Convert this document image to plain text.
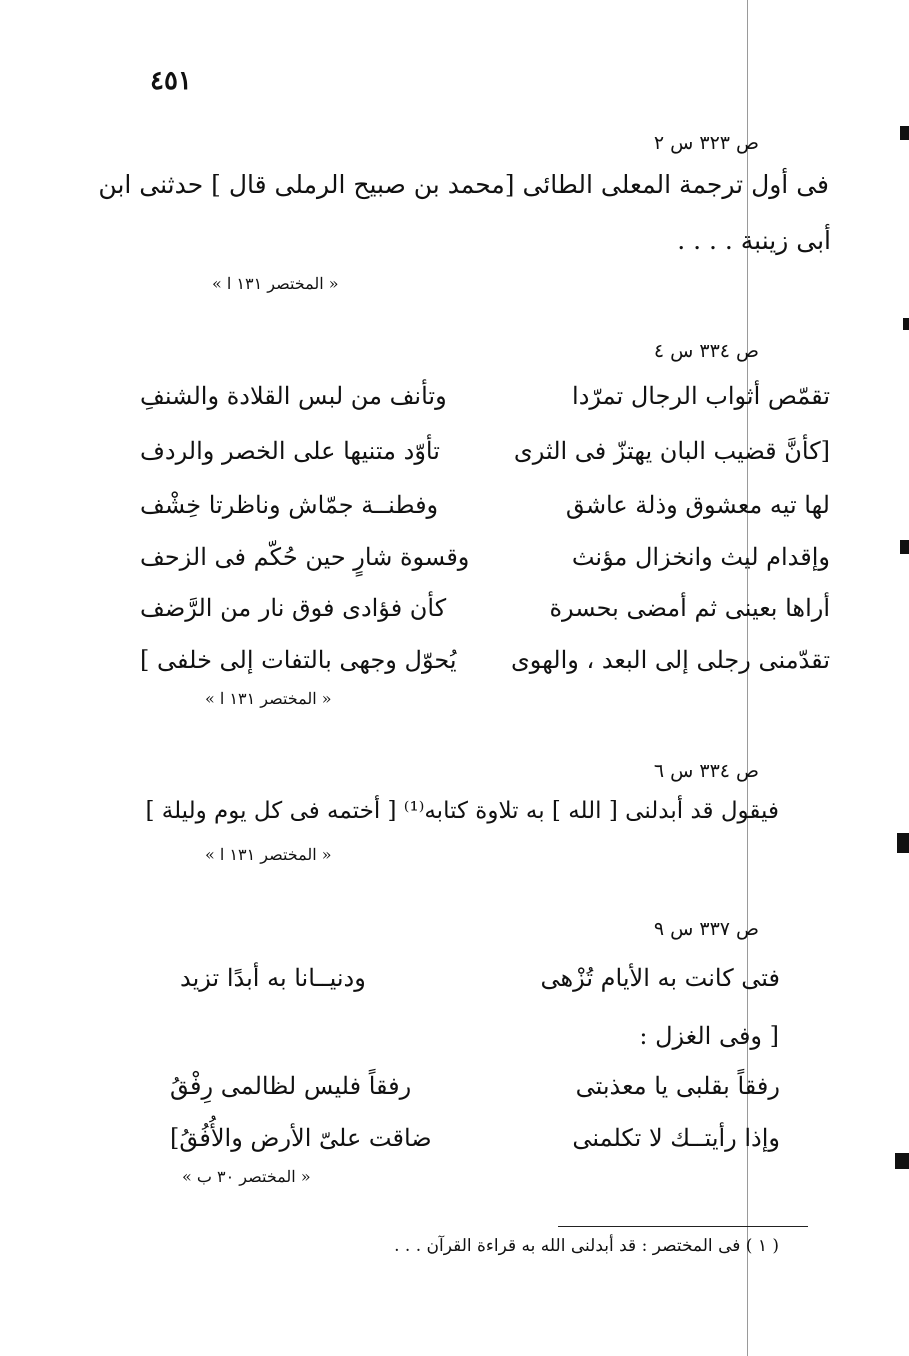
٤٥١
ص ٣٢٣ س ٢
فى أول ترجمة المعلى الطائى [محمد بن صبيح الرملى قال ] حدثنى ابن
أبى زينبة . . . .
« المختصر ١٣١ ا »
ص ٣٣٤ س ٤
تقمّص أثواب الرجال تمرّدا
وتأنف من لبس القلادة والشنفِ
[كأنَّ قضيب البان يهتزّ فى الثرى
تأوّد متنيها على الخصر والردف
لها تيه معشوق وذلة عاشق
وفطنــة جمّاش وناظرتا خِشْف
وإقدام ليث وانخزال مؤنث
وقسوة شارٍ حين حُكّم فى الزحف
أراها بعينى ثم أمضى بحسرة
كأن فؤادى فوق نار من الرَّضف
تقدّمنى رجلى إلى البعد ، والهوى
يُحوّل وجهى بالتفات إلى خلفى ]
« المختصر ١٣١ ا »
ص ٣٣٤ س ٦
فيقول قد أبدلنى [ الله ] به تلاوة كتابه⁽¹⁾ [ أختمه فى كل يوم وليلة ]
« المختصر ١٣١ ا »
ص ٣٣٧ س ٩
فتى كانت به الأيام تُزْهى
ودنيــانا به أبدًا تزيد
[ وفى الغزل :
رفقاً بقلبى يا معذبتى
رفقاً فليس لظالمى رِفْقُ
وإذا رأيتــك لا تكلمنى
ضاقت علىّ الأرض والأُفُقُ]
« المختصر ٣٠ ب »
( ١ ) فى المختصر : قد أبدلنى الله به قراءة القرآن . . .
